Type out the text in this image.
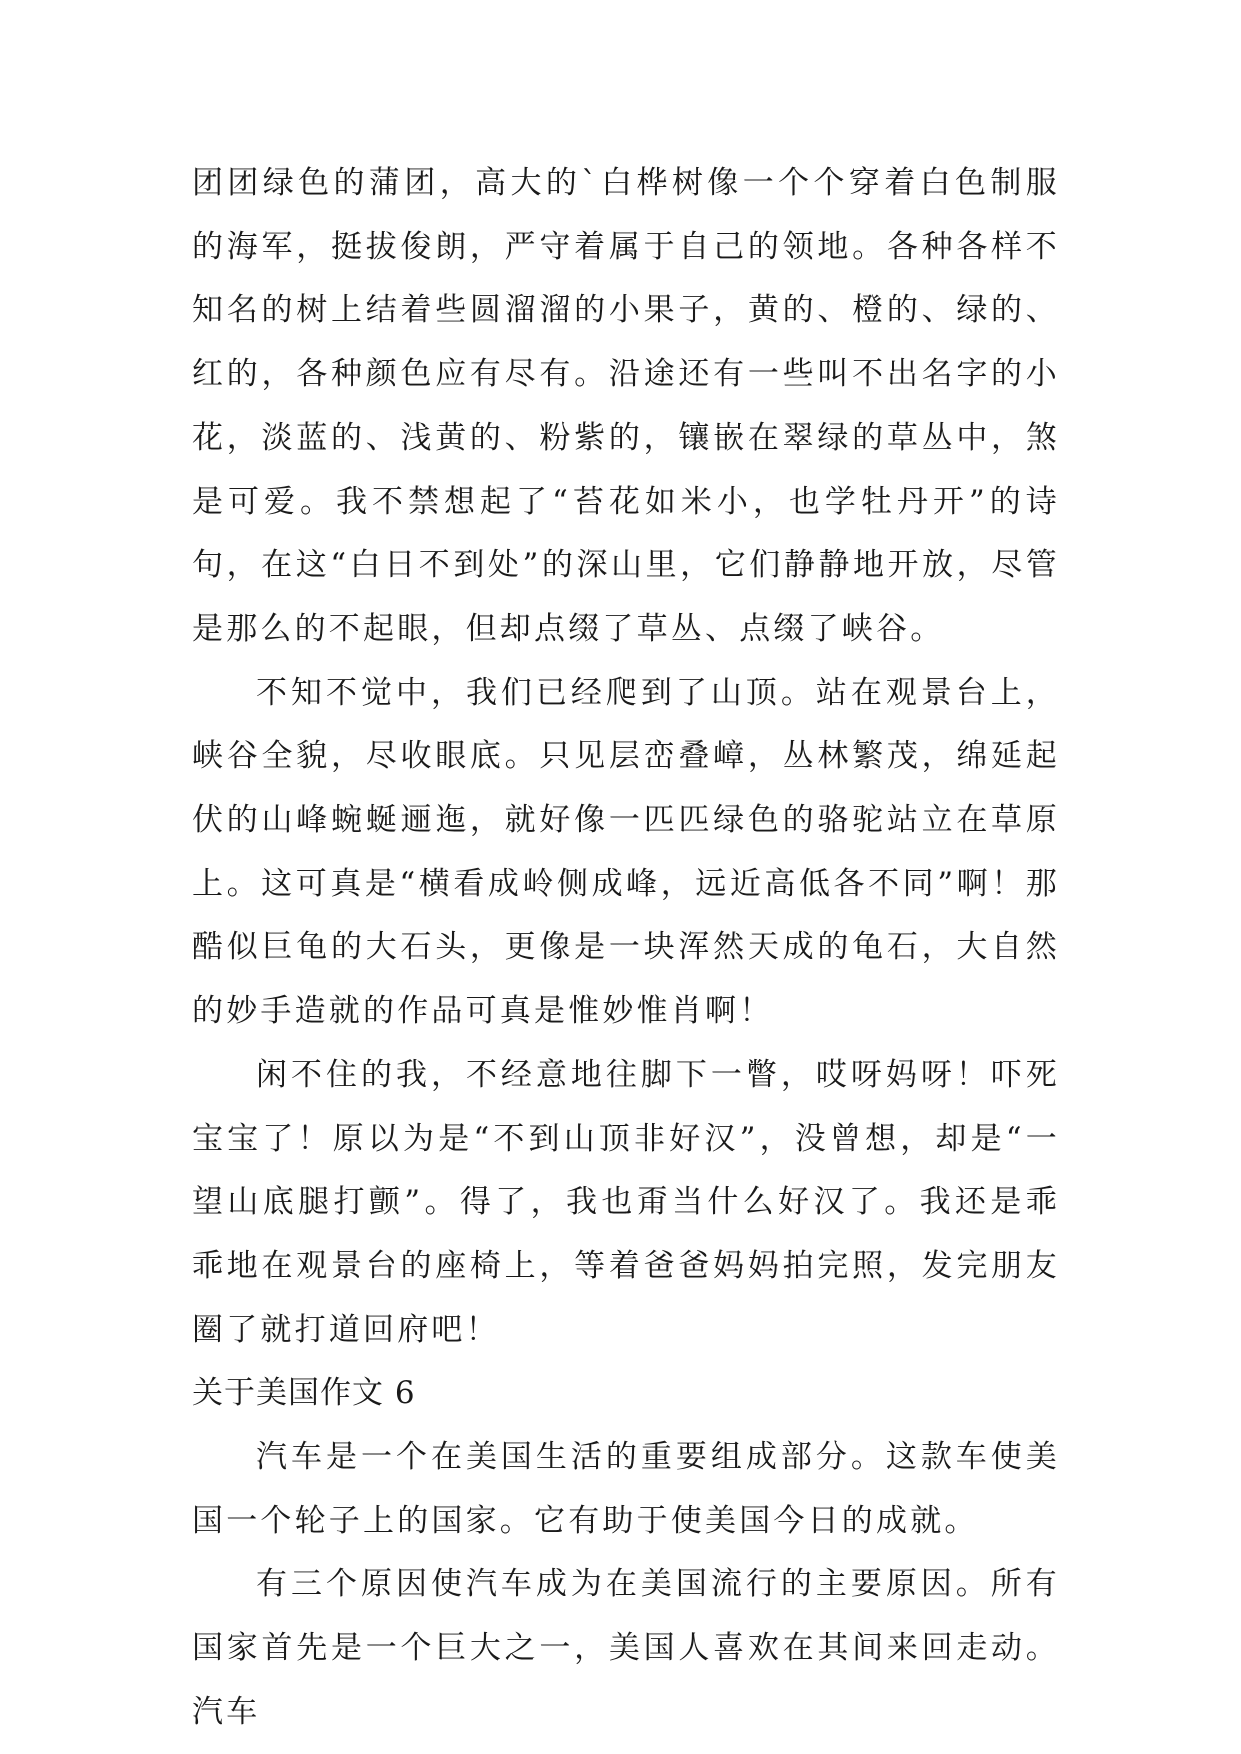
团团绿色的蒲团，高大的`白桦树像一个个穿着白色制服的海军，挺拔俊朗，严守着属于自己的领地。各种各样不知名的树上结着些圆溜溜的小果子，黄的、橙的、绿的、红的，各种颜色应有尽有。沿途还有一些叫不出名字的小花，淡蓝的、浅黄的、粉紫的，镶嵌在翠绿的草丛中，煞是可爱。我不禁想起了“苔花如米小，也学牡丹开”的诗句，在这“白日不到处”的深山里，它们静静地开放，尽管是那么的不起眼，但却点缀了草丛、点缀了峡谷。

不知不觉中，我们已经爬到了山顶。站在观景台上，峡谷全貌，尽收眼底。只见层峦叠嶂，丛林繁茂，绵延起伏的山峰蜿蜒逦迤，就好像一匹匹绿色的骆驼站立在草原上。这可真是“横看成岭侧成峰，远近高低各不同”啊！那酷似巨龟的大石头，更像是一块浑然天成的龟石，大自然的妙手造就的作品可真是惟妙惟肖啊！

闲不住的我，不经意地往脚下一瞥，哎呀妈呀！吓死宝宝了！原以为是“不到山顶非好汉”，没曾想，却是“一望山底腿打颤”。得了，我也甭当什么好汉了。我还是乖乖地在观景台的座椅上，等着爸爸妈妈拍完照，发完朋友圈了就打道回府吧！

关于美国作文 6

汽车是一个在美国生活的重要组成部分。这款车使美国一个轮子上的国家。它有助于使美国今日的成就。

有三个原因使汽车成为在美国流行的主要原因。所有国家首先是一个巨大之一，美国人喜欢在其间来回走动。汽车
